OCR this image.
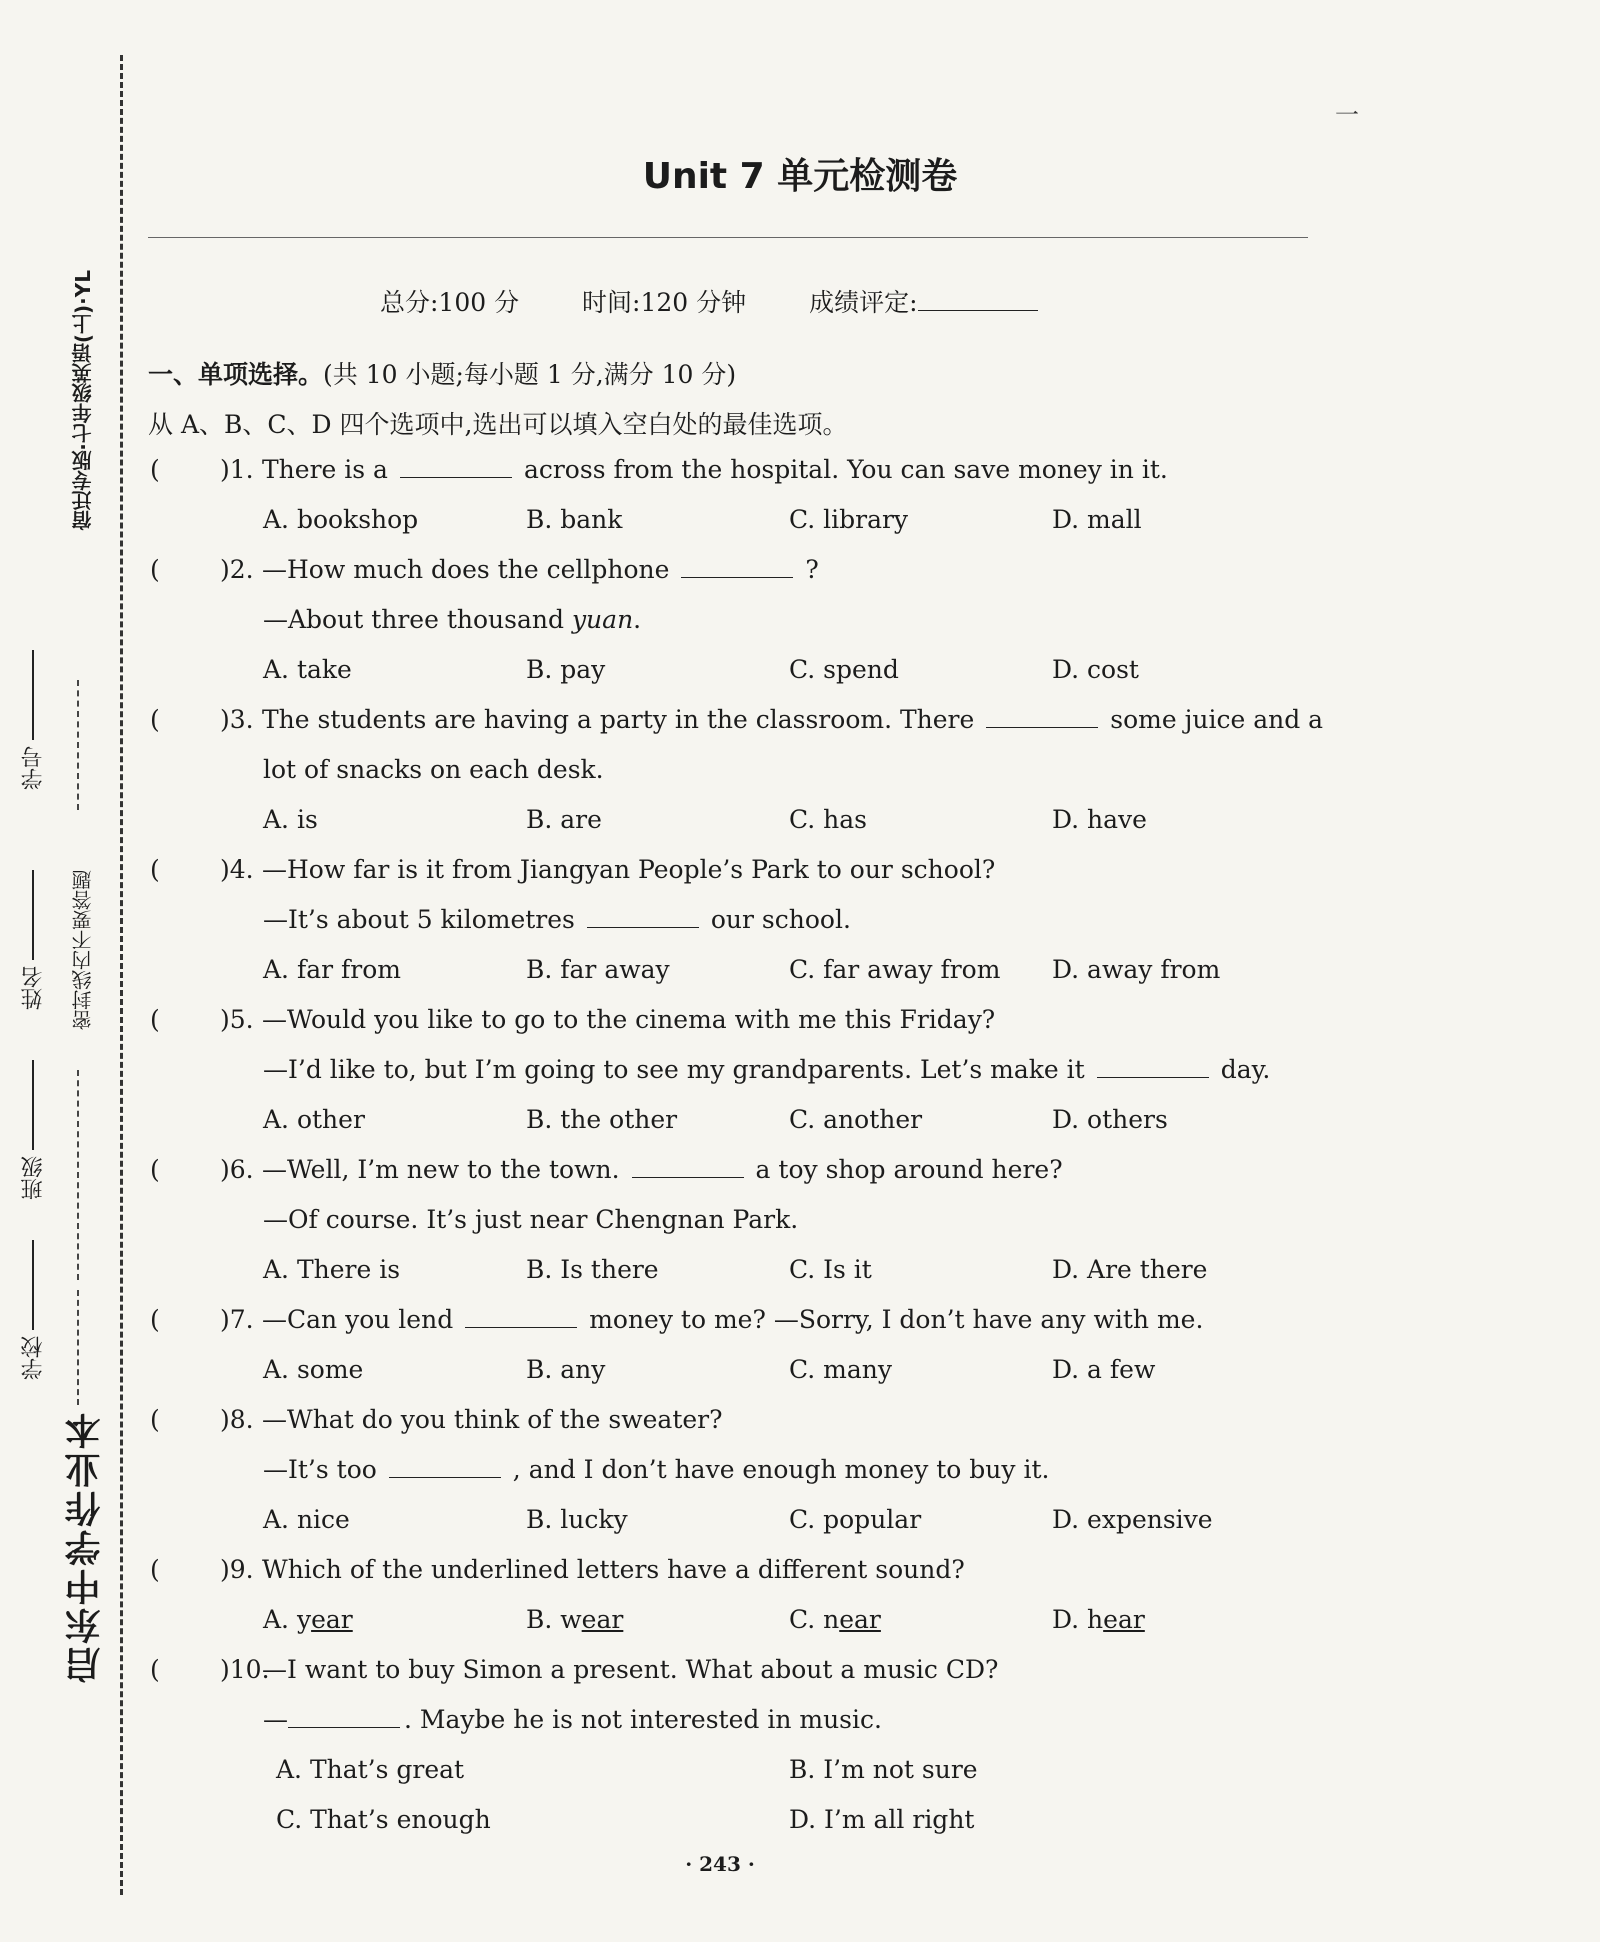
启东中学作业本
密封线内不要答题
宿迁专版·七年级英语(上)·YL
学校
班级
姓名
学号
Unit 7 单元检测卷
总分:100 分	时间:120 分钟	成绩评定:
一、单项选择。(共 10 小题;每小题 1 分,满分 10 分)
从 A、B、C、D 四个选项中,选出可以填入空白处的最佳选项。
( )1. There is a	across from the hospital. You can save money in it.
A. bookshop	B. bank	C. library	D. mall
( )2. —How much does the cellphone	?
—About three thousand yuan.
A. take	B. pay	C. spend	D. cost
( )3. The students are having a party in the classroom. There	some juice and a
lot of snacks on each desk.
A. is	B. are	C. has	D. have
( )4. —How far is it from Jiangyan People’s Park to our school?
—It’s about 5 kilometres	our school.
A. far from	B. far away	C. far away from D. away from
( )5. —Would you like to go to the cinema with me this Friday?
—I’d like to, but I’m going to see my grandparents. Let’s make it	day.
A. other	B. the other	C. another	D. others
( )6. —Well, I’m new to the town.	a toy shop around here?
—Of course. It’s just near Chengnan Park.
A. There is	B. Is there	C. Is it	D. Are there
( )7. —Can you lend	money to me? —Sorry, I don’t have any with me.
A. some	B. any	C. many	D. a few
( )8. —What do you think of the sweater?
—It’s too	, and I don’t have enough money to buy it.
A. nice	B. lucky	C. popular	D. expensive
( )9. Which of the underlined letters have a different sound?
A. year	B. wear	C. near	D. hear
( )10.—I want to buy Simon a present. What about a music CD?
—	. Maybe he is not interested in music.
A. That’s great	B. I’m not sure
C. That’s enough	D. I’m all right
· 243 ·
一
